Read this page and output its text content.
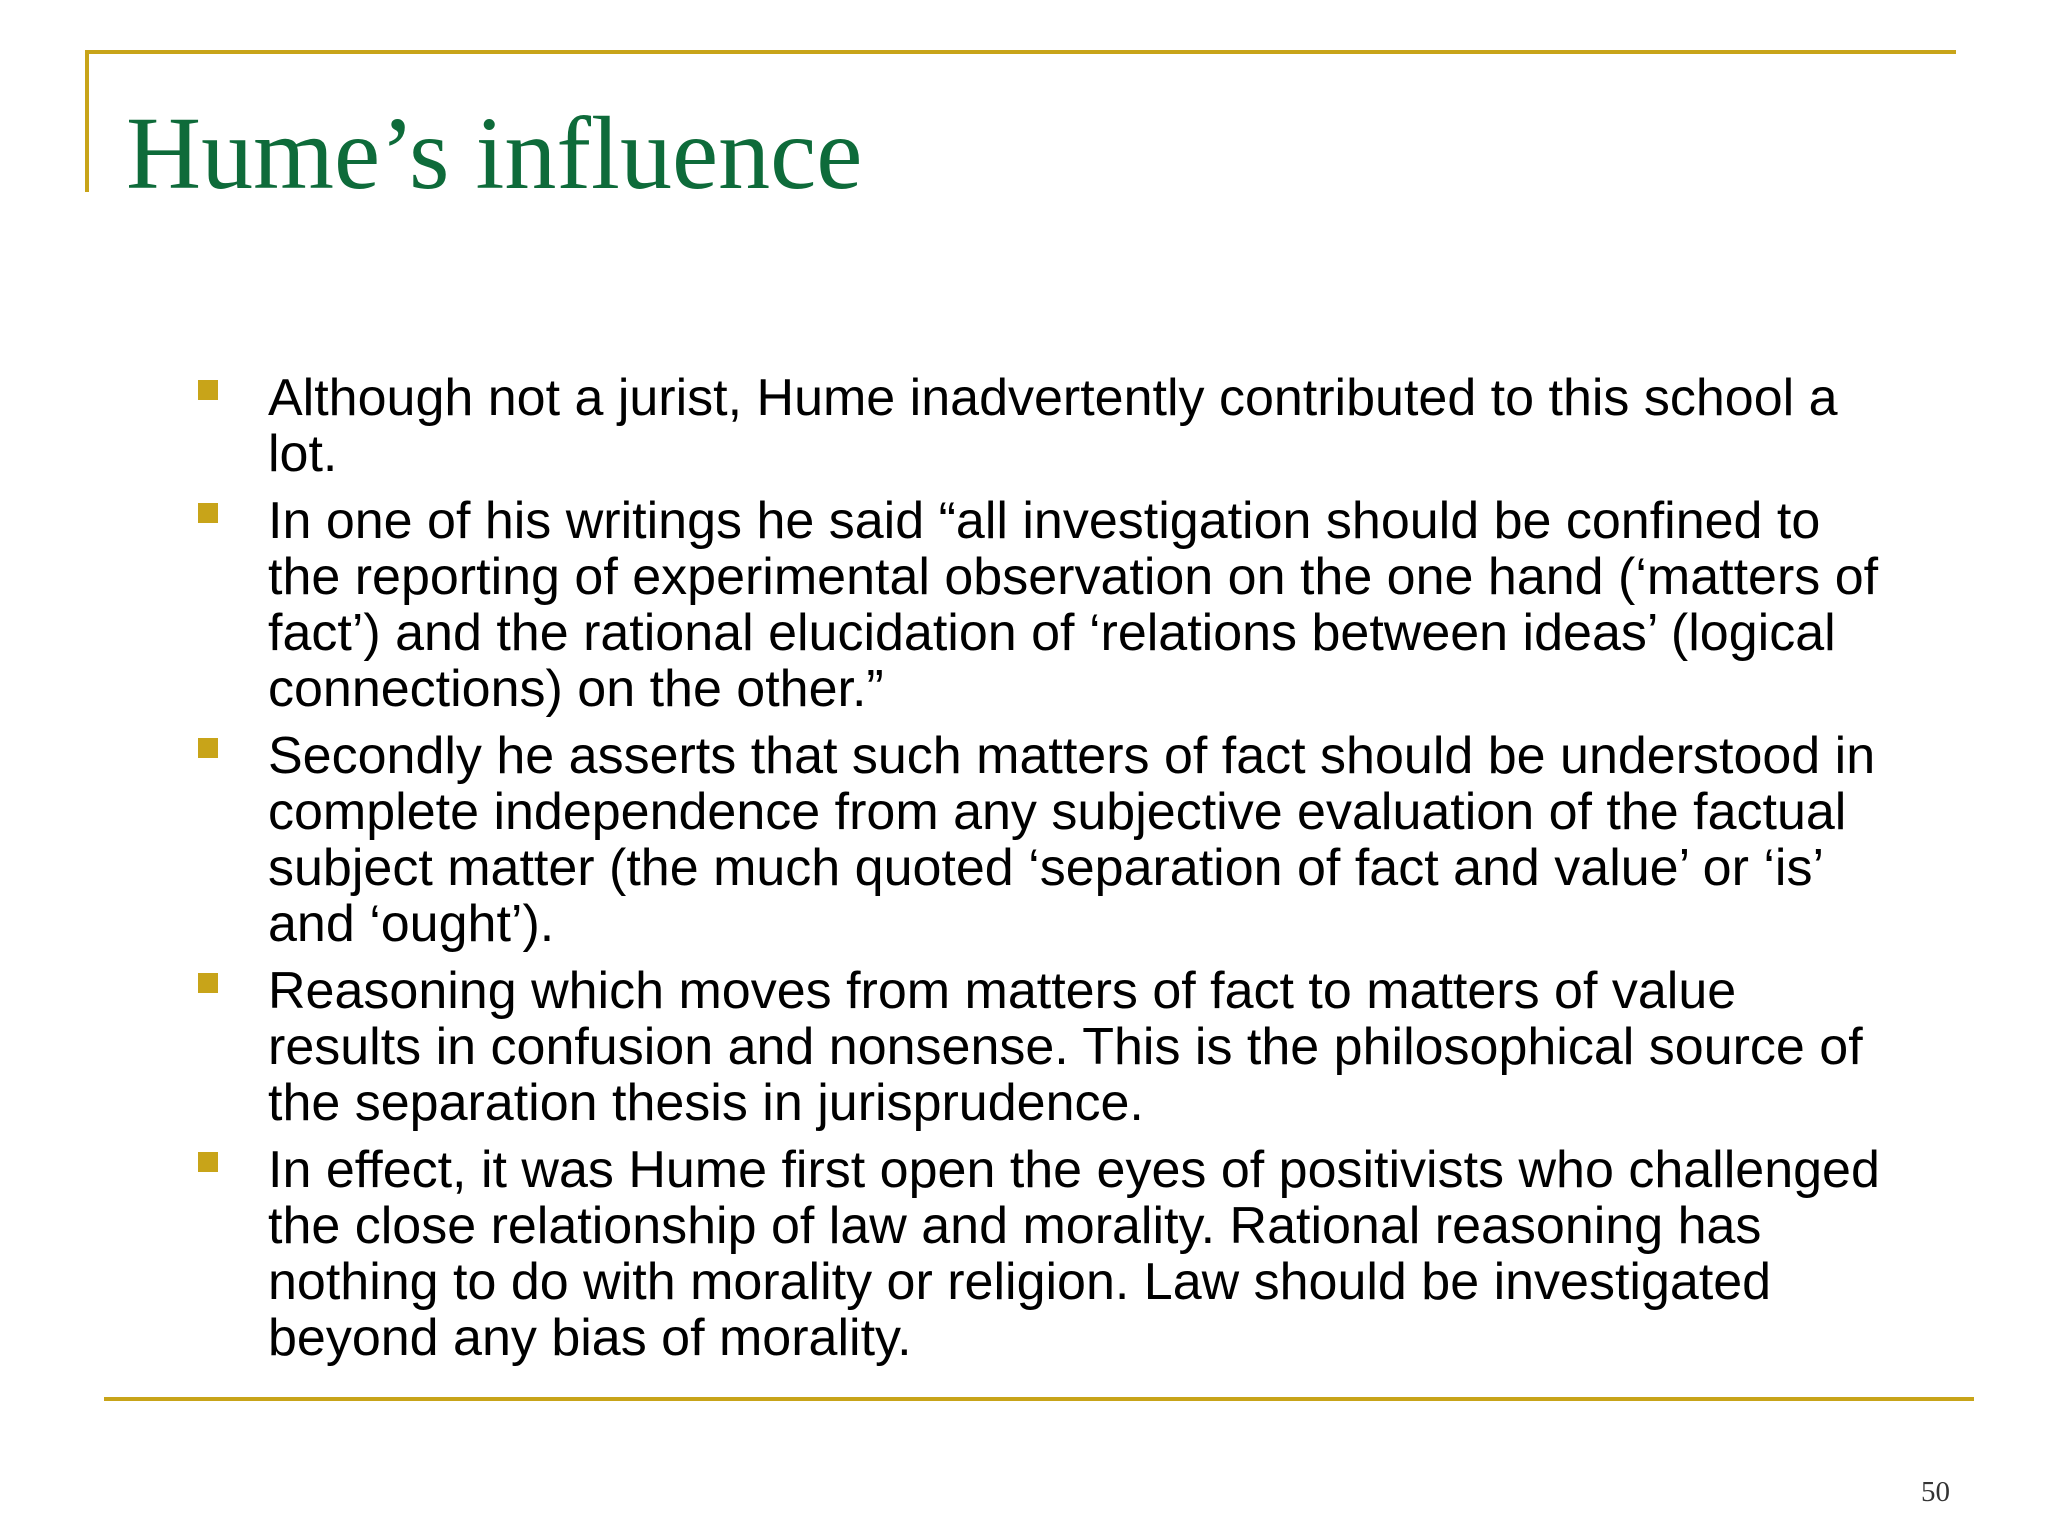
Hume’s influence
Although not a jurist, Hume inadvertently contributed to this school a lot.
In one of his writings he said “all investigation should be confined to the reporting of experimental observation on the one hand (‘matters of fact’) and the rational elucidation of ‘relations between ideas’ (logical connections) on the other.”
Secondly he asserts that such matters of fact should be understood in complete independence from any subjective evaluation of the factual subject matter (the much quoted ‘separation of fact and value’ or ‘is’ and ‘ought’).
Reasoning which moves from matters of fact to matters of value results in confusion and nonsense. This is the philosophical source of the separation thesis in jurisprudence.
In effect, it was Hume first open the eyes of positivists who challenged the close relationship of law and morality. Rational reasoning has nothing to do with morality or religion. Law should be investigated beyond any bias of morality.
50
